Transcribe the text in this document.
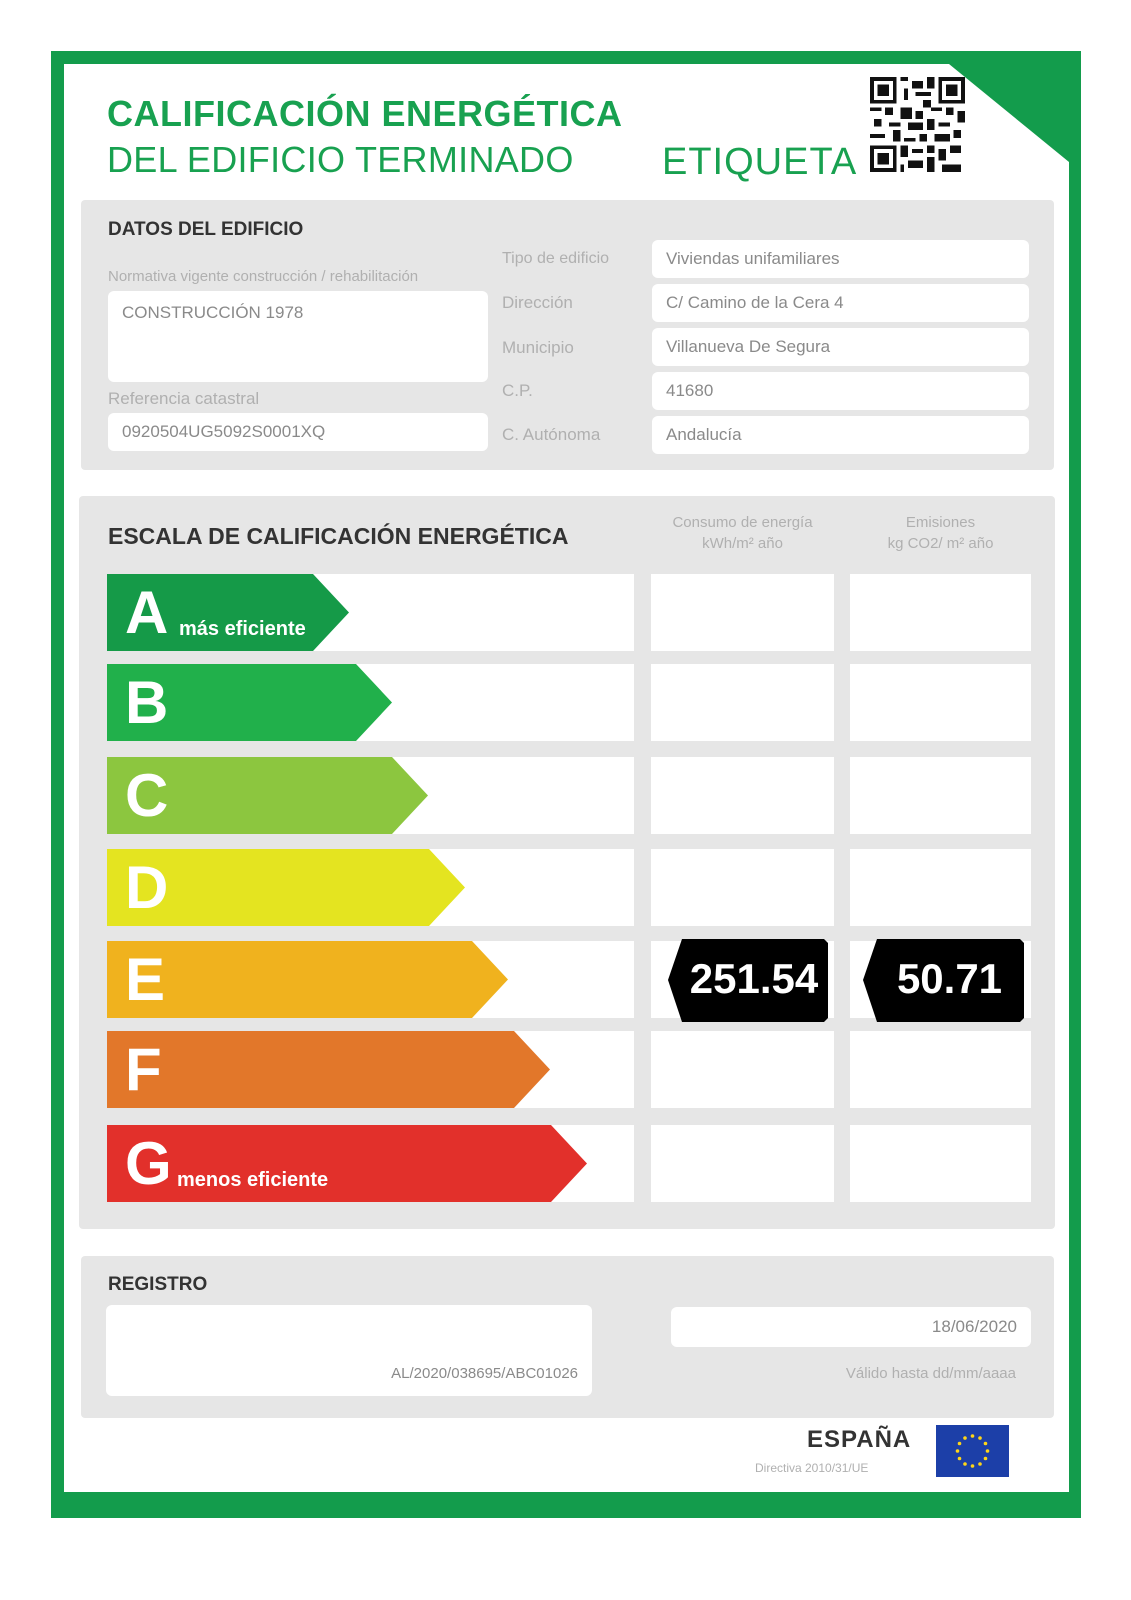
CALIFICACIÓN ENERGÉTICA
DEL EDIFICIO TERMINADO ETIQUETA
DATOS DEL EDIFICIO
Normativa vigente construcción / rehabilitación
CONSTRUCCIÓN 1978
Referencia catastral
0920504UG5092S0001XQ
Tipo de edificio	Viviendas unifamiliares
Dirección	C/ Camino de la Cera 4
Municipio	Villanueva De Segura
C.P.	41680
C. Autónoma	Andalucía
ESCALA DE CALIFICACIÓN ENERGÉTICA
Consumo de energía
kWh/m² año
Emisiones
kg CO2/ m² año
A más eficiente
B
C
D
E
F
G menos eficiente
251.54	50.71
REGISTRO
AL/2020/038695/ABC01026
18/06/2020
Válido hasta dd/mm/aaaa
ESPAÑA
Directiva 2010/31/UE
